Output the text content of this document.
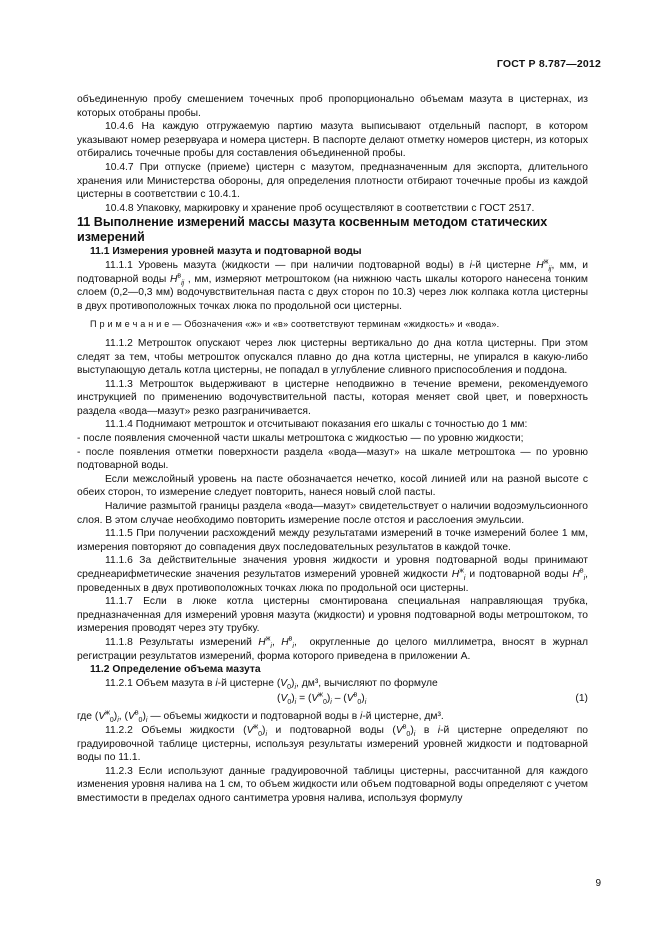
ГОСТ Р 8.787—2012

объединенную пробу смешением точечных проб пропорционально объемам мазута в цистернах, из которых отобраны пробы.

10.4.6 На каждую отгружаемую партию мазута выписывают отдельный паспорт, в котором указывают номер резервуара и номера цистерн. В паспорте делают отметку номеров цистерн, из которых отбирались точечные пробы для составления объединенной пробы.

10.4.7 При отпуске (приеме) цистерн с мазутом, предназначенным для экспорта, длительного хранения или Министерства обороны, для определения плотности отбирают точечные пробы из каждой цистерны в соответствии с 10.4.1.

10.4.8 Упаковку, маркировку и хранение проб осуществляют в соответствии с ГОСТ 2517.

11 Выполнение измерений массы мазута косвенным методом статических измерений

11.1 Измерения уровней мазута и подтоварной воды

11.1.1 Уровень мазута (жидкости — при наличии подтоварной воды) в i-й цистерне $H^ж_{ij}$, мм, и подтоварной воды $H^в_{ij}$ , мм, измеряют метроштоком (на нижнюю часть шкалы которого нанесена тонким слоем (0,2—0,3 мм) водочувствительная паста с двух сторон по 10.3) через люк колпака котла цистерны в двух противоположных точках люка по продольной оси цистерны.

П р и м е ч а н и е — Обозначения «ж» и «в» соответствуют терминам «жидкость» и «вода».

11.1.2 Метрошток опускают через люк цистерны вертикально до дна котла цистерны. При этом следят за тем, чтобы метрошток опускался плавно до дна котла цистерны, не упирался в какую-либо выступающую деталь котла цистерны, не попадал в углубление сливного приспособления и поддона.

11.1.3 Метрошток выдерживают в цистерне неподвижно в течение времени, рекомендуемого инструкцией по применению водочувствительной пасты, которая меняет свой цвет, и поверхность раздела «вода—мазут» резко разграничивается.

11.1.4 Поднимают метрошток и отсчитывают показания его шкалы с точностью до 1 мм:

- после появления смоченной части шкалы метроштока с жидкостью — по уровню жидкости;

- после появления отметки поверхности раздела «вода—мазут» на шкале метроштока — по уровню подтоварной воды.

Если межслойный уровень на пасте обозначается нечетко, косой линией или на разной высоте с обеих сторон, то измерение следует повторить, нанеся новый слой пасты.

Наличие размытой границы раздела «вода—мазут» свидетельствует о наличии водоэмульсионного слоя. В этом случае необходимо повторить измерение после отстоя и расслоения эмульсии.

11.1.5 При получении расхождений между результатами измерений в точке измерений более 1 мм, измерения повторяют до совпадения двух последовательных результатов в каждой точке.

11.1.6 За действительные значения уровня жидкости и уровня подтоварной воды принимают среднеарифметические значения результатов измерений уровней жидкости $H^ж_i$ и подтоварной воды $H^в_i$, проведенных в двух противоположных точках люка по продольной оси цистерны.

11.1.7 Если в люке котла цистерны смонтирована специальная направляющая трубка, предназначенная для измерений уровня мазута (жидкости) и уровня подтоварной воды метроштоком, то измерения проводят через эту трубку.

11.1.8 Результаты измерений $H^ж_i$, $H^в_i$,  округленные до целого миллиметра, вносят в журнал регистрации результатов измерений, форма которого приведена в приложении А.

11.2 Определение объема мазута

11.2.1 Объем мазута в i-й цистерне $(V_0)_i$, дм³, вычисляют по формуле

$(V_0)_i = (V^ж_0)_i - (V^в_0)_i$	(1)

где $(V^ж_0)_i$, $(V^в_0)_i$ — объемы жидкости и подтоварной воды в i-й цистерне, дм³.

11.2.2 Объемы жидкости $(V^ж_0)_i$ и подтоварной воды $(V^в_0)_i$ в i-й цистерне определяют по градуировочной таблице цистерны, используя результаты измерений уровней жидкости и подтоварной воды по 11.1.

11.2.3 Если используют данные градуировочной таблицы цистерны, рассчитанной для каждого изменения уровня налива на 1 см, то объем жидкости или объем подтоварной воды определяют с учетом вместимости в пределах одного сантиметра уровня налива, используя формулу

9
